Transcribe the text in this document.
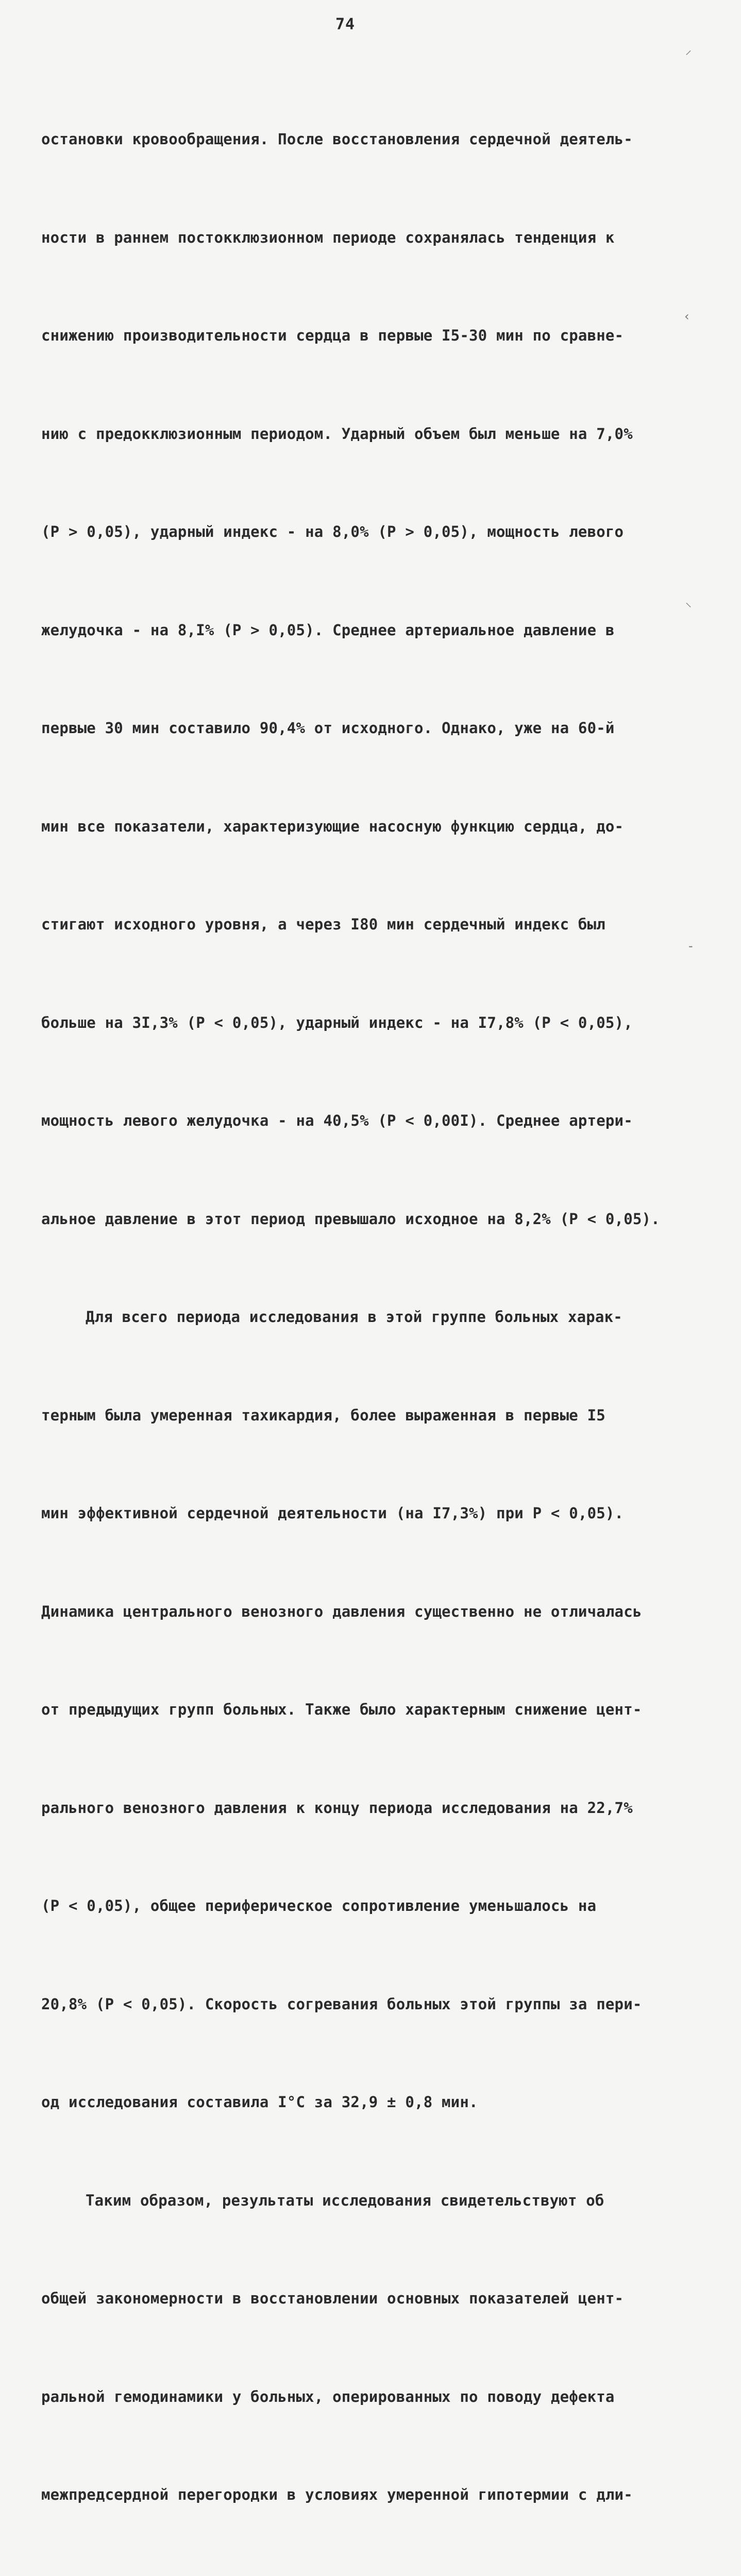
74
⸍
‹
⸌
-

остановки кровообращения. После восстановления сердечной деятель-

ности в раннем постокклюзионном периоде сохранялась тенденция к

снижению производительности сердца в первые I5-30 мин по сравне-

нию с предокклюзионным периодом. Ударный объем был меньше на 7,0%

(P > 0,05), ударный индекс - на 8,0% (P > 0,05), мощность левого

желудочка - на 8,I% (P > 0,05). Среднее артериальное давление в

первые 30 мин составило 90,4% от исходного. Однако, уже на 60-й

мин все показатели, характеризующие насосную функцию сердца, до-

стигают исходного уровня, а через I80 мин сердечный индекс был

больше на 3I,3% (P < 0,05), ударный индекс - на I7,8% (P < 0,05),

мощность левого желудочка - на 40,5% (P < 0,00I). Среднее артери-

альное давление в этот период превышало исходное на 8,2% (P < 0,05).

Для всего периода исследования в этой группе больных харак-

терным была умеренная тахикардия, более выраженная в первые I5

мин эффективной сердечной деятельности (на I7,3%) при P < 0,05).

Динамика центрального венозного давления существенно не отличалась

от предыдущих групп больных. Также было характерным снижение цент-

рального венозного давления к концу периода исследования на 22,7%

(P < 0,05), общее периферическое сопротивление уменьшалось на

20,8% (P < 0,05). Скорость согревания больных этой группы за пери-

од исследования составила I°C за 32,9 ± 0,8 мин.

Таким образом, результаты исследования свидетельствуют об

общей закономерности в восстановлении основных показателей цент-

ральной гемодинамики у больных, оперированных по поводу дефекта

межпредсердной перегородки в условиях умеренной гипотермии с дли-
